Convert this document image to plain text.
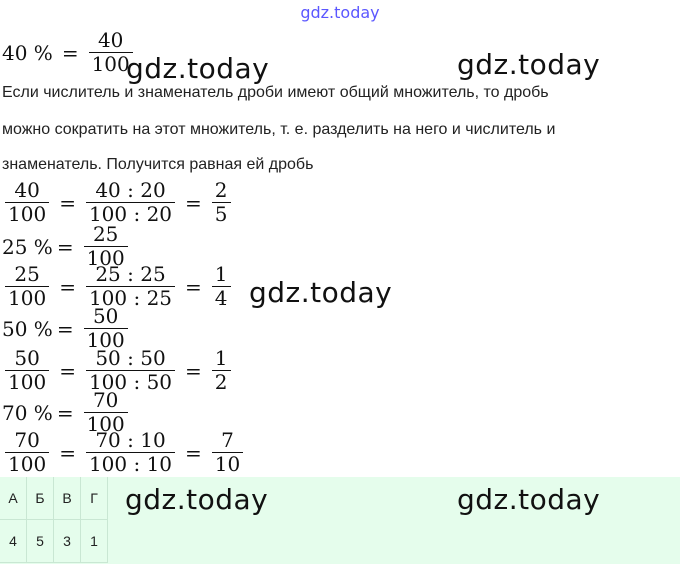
gdz.today
40 % = $\frac{40}{100}$
Если числитель и знаменатель дроби имеют общий множитель, то дробь
можно сократить на этот множитель, т. е. разделить на него и числитель и
знаменатель. Получится равная ей дробь
$\frac{40}{100} = \frac{40 : 20}{100 : 20} = \frac{2}{5}$
25 % = $\frac{25}{100}$
$\frac{25}{100} = \frac{25 : 25}{100 : 25} = \frac{1}{4}$
50 % = $\frac{50}{100}$
$\frac{50}{100} = \frac{50 : 50}{100 : 50} = \frac{1}{2}$
70 % = $\frac{70}{100}$
$\frac{70}{100} = \frac{70 : 10}{100 : 10} = \frac{7}{10}$
А	Б	В	Г
4	5	3	1
gdz.today	gdz.today
gdz.today
gdz.today	gdz.today
